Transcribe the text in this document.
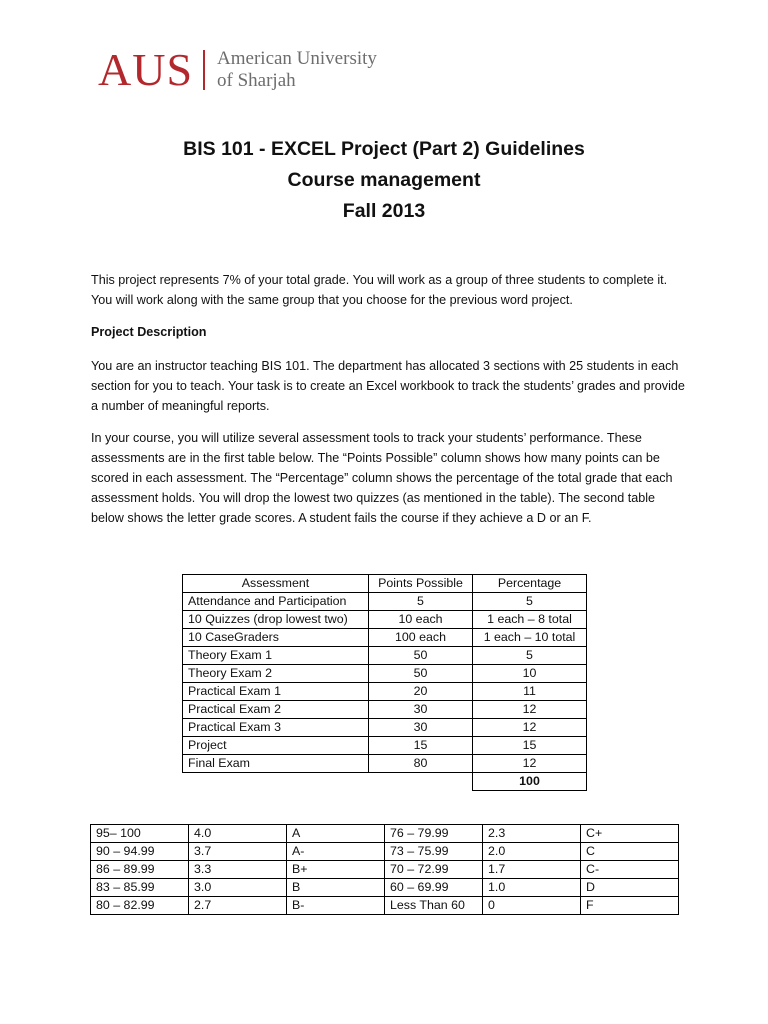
AUS American University
of Sharjah
BIS 101 - EXCEL Project (Part 2) Guidelines
Course management
Fall 2013
This project represents 7% of your total grade. You will work as a group of three students to complete it. You will work along with the same group that you choose for the previous word project.
Project Description
You are an instructor teaching BIS 101. The department has allocated 3 sections with 25 students in each section for you to teach. Your task is to create an Excel workbook to track the students’ grades and provide a number of meaningful reports.
In your course, you will utilize several assessment tools to track your students’ performance. These assessments are in the first table below. The “Points Possible” column shows how many points can be scored in each assessment. The “Percentage” column shows the percentage of the total grade that each assessment holds. You will drop the lowest two quizzes (as mentioned in the table). The second table below shows the letter grade scores. A student fails the course if they achieve a D or an F.
Assessment	Points Possible	Percentage
Attendance and Participation	5	5
10 Quizzes (drop lowest two)	10 each	1 each – 8 total
10 CaseGraders	100 each	1 each – 10 total
Theory Exam 1	50	5
Theory Exam 2	50	10
Practical Exam 1	20	11
Practical Exam 2	30	12
Practical Exam 3	30	12
Project	15	15
Final Exam	80	12
		100
95– 100	4.0	A	76 – 79.99	2.3	C+
90 – 94.99	3.7	A-	73 – 75.99	2.0	C
86 – 89.99	3.3	B+	70 – 72.99	1.7	C-
83 – 85.99	3.0	B	60 – 69.99	1.0	D
80 – 82.99	2.7	B-	Less Than 60	0	F
